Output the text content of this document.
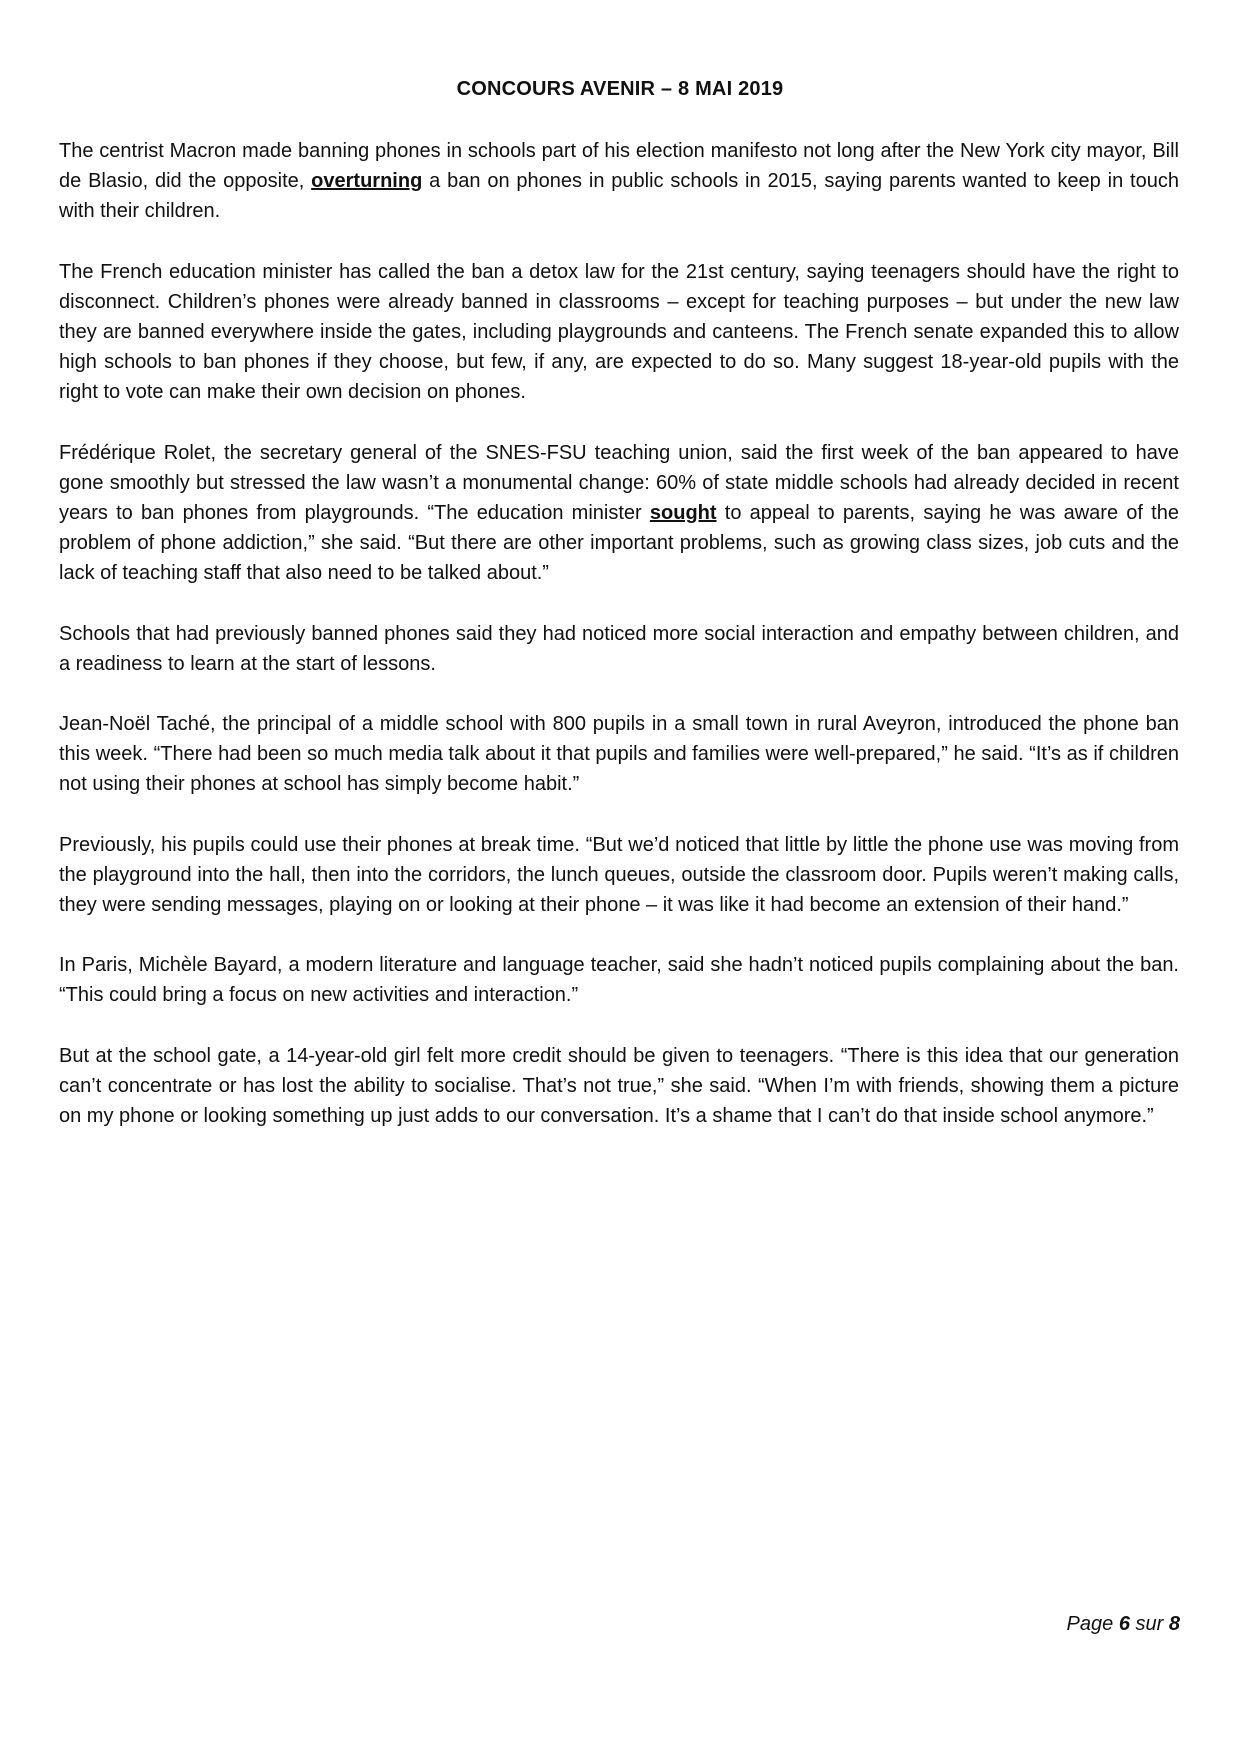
CONCOURS AVENIR – 8 MAI 2019

The centrist Macron made banning phones in schools part of his election manifesto not long after the New York city mayor, Bill de Blasio, did the opposite, overturning a ban on phones in public schools in 2015, saying parents wanted to keep in touch with their children.

The French education minister has called the ban a detox law for the 21st century, saying teenagers should have the right to disconnect. Children’s phones were already banned in classrooms – except for teaching purposes – but under the new law they are banned everywhere inside the gates, including playgrounds and canteens. The French senate expanded this to allow high schools to ban phones if they choose, but few, if any, are expected to do so. Many suggest 18-year-old pupils with the right to vote can make their own decision on phones.

Frédérique Rolet, the secretary general of the SNES-FSU teaching union, said the first week of the ban appeared to have gone smoothly but stressed the law wasn’t a monumental change: 60% of state middle schools had already decided in recent years to ban phones from playgrounds. “The education minister sought to appeal to parents, saying he was aware of the problem of phone addiction,” she said. “But there are other important problems, such as growing class sizes, job cuts and the lack of teaching staff that also need to be talked about.”

Schools that had previously banned phones said they had noticed more social interaction and empathy between children, and a readiness to learn at the start of lessons.

Jean-Noël Taché, the principal of a middle school with 800 pupils in a small town in rural Aveyron, introduced the phone ban this week. “There had been so much media talk about it that pupils and families were well-prepared,” he said. “It’s as if children not using their phones at school has simply become habit.”

Previously, his pupils could use their phones at break time. “But we’d noticed that little by little the phone use was moving from the playground into the hall, then into the corridors, the lunch queues, outside the classroom door. Pupils weren’t making calls, they were sending messages, playing on or looking at their phone – it was like it had become an extension of their hand.”

In Paris, Michèle Bayard, a modern literature and language teacher, said she hadn’t noticed pupils complaining about the ban. “This could bring a focus on new activities and interaction.”

But at the school gate, a 14-year-old girl felt more credit should be given to teenagers. “There is this idea that our generation can’t concentrate or has lost the ability to socialise. That’s not true,” she said. “When I’m with friends, showing them a picture on my phone or looking something up just adds to our conversation. It’s a shame that I can’t do that inside school anymore.”

Page 6 sur 8
